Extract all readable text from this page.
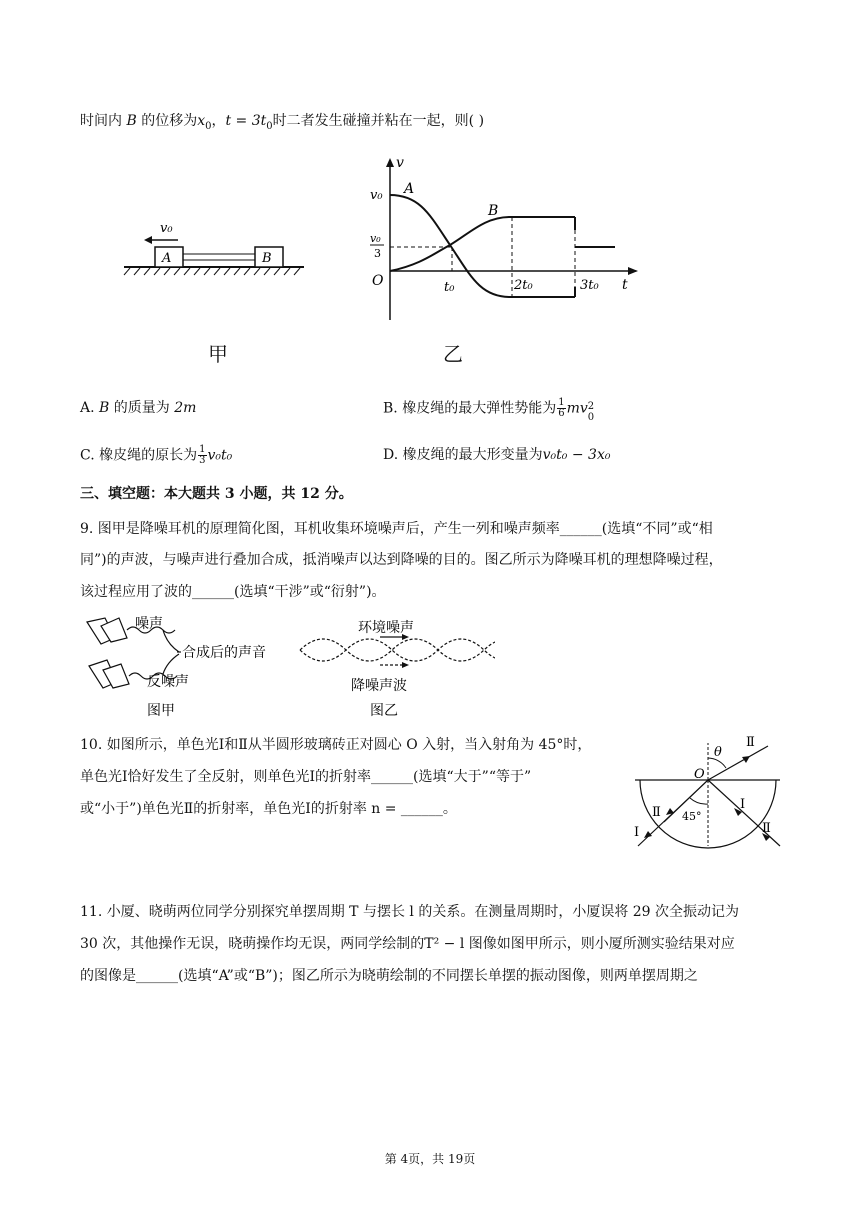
时间内 B 的位移为$x_0$，$t = 3t_0$时二者发生碰撞并粘在一起，则( )
A	B
v₀
甲
v
t
v₀
v₀
3
O
A
B
t₀	2t₀	3t₀
乙
A. B 的质量为 2m	B. 橡皮绳的最大弹性势能为 $\frac{1}{6}$ mv 2
0
C. 橡皮绳的原长为 $\frac{1}{3} v_0t_0$	D. 橡皮绳的最大形变量为v₀t₀ − 3x₀
三、填空题：本大题共 3 小题，共 12 分。
9. 图甲是降噪耳机的原理简化图，耳机收集环境噪声后，产生一列和噪声频率______(选填“不同”或“相
同”)的声波，与噪声进行叠加合成，抵消噪声以达到降噪的目的。图乙所示为降噪耳机的理想降噪过程，
该过程应用了波的______(选填“干涉”或“衍射”)。
噪声
合成后的声音
反噪声
图甲
环境噪声
降噪声波
图乙
10. 如图所示，单色光Ⅰ和Ⅱ从半圆形玻璃砖正对圆心 O 入射，当入射角为 45°时，
单色光Ⅰ恰好发生了全反射，则单色光Ⅰ的折射率______(选填“大于”“等于”
或“小于”)单色光Ⅱ的折射率，单色光Ⅰ的折射率 n = ______。
θ
O
45°
Ⅰ
Ⅱ
Ⅰ
Ⅱ
Ⅱ
11. 小厦、晓萌两位同学分别探究单摆周期 T 与摆长 l 的关系。在测量周期时，小厦误将 29 次全振动记为
30 次，其他操作无误，晓萌操作均无误，两同学绘制的T² − l 图像如图甲所示，则小厦所测实验结果对应
的图像是______(选填“A”或“B”)；图乙所示为晓萌绘制的不同摆长单摆的振动图像，则两单摆周期之
第 4页，共 19页
